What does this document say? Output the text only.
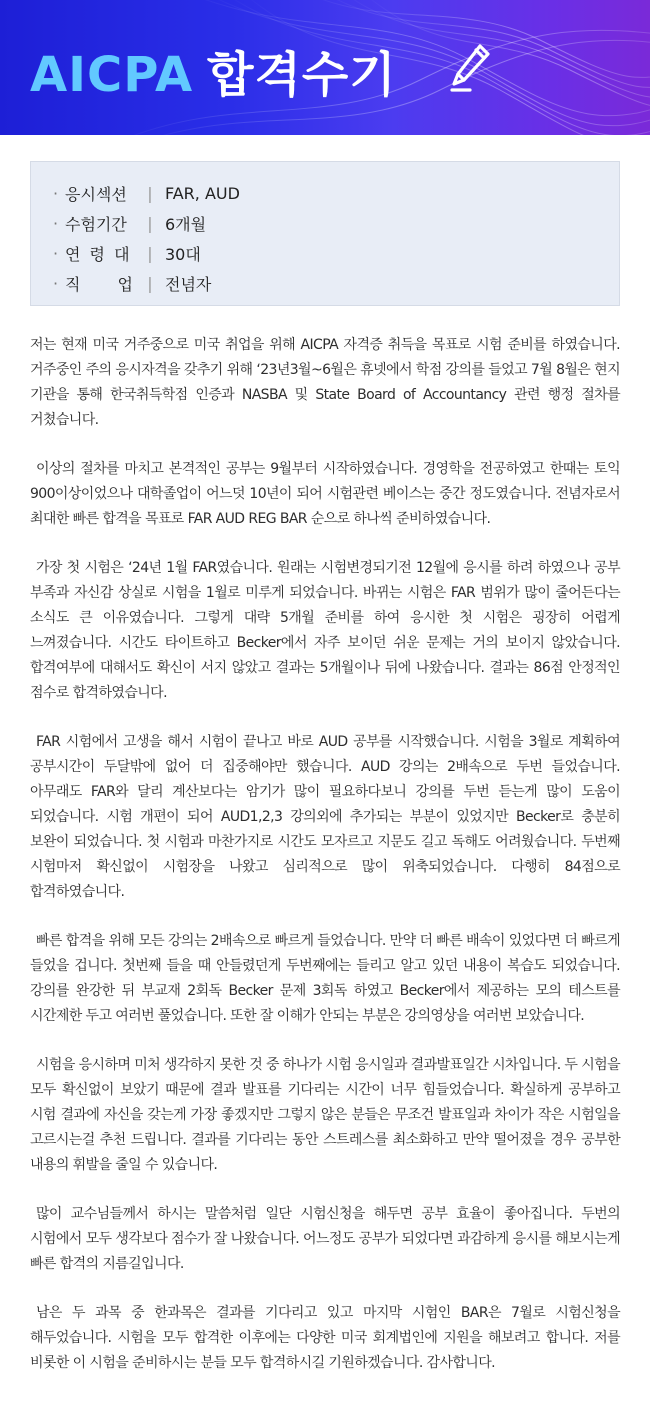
AICPA 합격수기
· 응시섹션	| FAR, AUD
· 수험기간	| 6개월
· 연 령 대	| 30대
· 직 업 | 전념자

저는 현재 미국 거주중으로 미국 취업을 위해 AICPA 자격증 취득을 목표로 시험 준비를 하였습니다. 거주중인 주의 응시자격을 갖추기 위해 ‘23년3월~6월은 휴넷에서 학점 강의를 들었고 7월 8월은 현지 기관을 통해 한국취득학점 인증과 NASBA 및 State Board of Accountancy 관련 행정 절차를 거쳤습니다.

이상의 절차를 마치고 본격적인 공부는 9월부터 시작하였습니다. 경영학을 전공하였고 한때는 토익 900이상이었으나 대학졸업이 어느덧 10년이 되어 시험관련 베이스는 중간 정도였습니다. 전념자로서 최대한 빠른 합격을 목표로 FAR AUD REG BAR 순으로 하나씩 준비하였습니다.

가장 첫 시험은 ‘24년 1월 FAR였습니다. 원래는 시험변경되기전 12월에 응시를 하려 하였으나 공부 부족과 자신감 상실로 시험을 1월로 미루게 되었습니다. 바뀌는 시험은 FAR 범위가 많이 줄어든다는 소식도 큰 이유였습니다. 그렇게 대략 5개월 준비를 하여 응시한 첫 시험은 굉장히 어렵게 느껴졌습니다. 시간도 타이트하고 Becker에서 자주 보이던 쉬운 문제는 거의 보이지 않았습니다. 합격여부에 대해서도 확신이 서지 않았고 결과는 5개월이나 뒤에 나왔습니다. 결과는 86점 안정적인 점수로 합격하였습니다.

FAR 시험에서 고생을 해서 시험이 끝나고 바로 AUD 공부를 시작했습니다. 시험을 3월로 계획하여 공부시간이 두달밖에 없어 더 집중해야만 했습니다. AUD 강의는 2배속으로 두번 들었습니다. 아무래도 FAR와 달리 계산보다는 암기가 많이 필요하다보니 강의를 두번 듣는게 많이 도움이 되었습니다. 시험 개편이 되어 AUD1,2,3 강의외에 추가되는 부분이 있었지만 Becker로 충분히 보완이 되었습니다. 첫 시험과 마찬가지로 시간도 모자르고 지문도 길고 독해도 어려웠습니다. 두번째 시험마저 확신없이 시험장을 나왔고 심리적으로 많이 위축되었습니다. 다행히 84점으로 합격하였습니다.

빠른 합격을 위해 모든 강의는 2배속으로 빠르게 들었습니다. 만약 더 빠른 배속이 있었다면 더 빠르게 들었을 겁니다. 첫번째 들을 때 안들렸던게 두번째에는 들리고 알고 있던 내용이 복습도 되었습니다. 강의를 완강한 뒤 부교재 2회독 Becker 문제 3회독 하였고 Becker에서 제공하는 모의 테스트를 시간제한 두고 여러번 풀었습니다. 또한 잘 이해가 안되는 부분은 강의영상을 여러번 보았습니다.

시험을 응시하며 미처 생각하지 못한 것 중 하나가 시험 응시일과 결과발표일간 시차입니다. 두 시험을 모두 확신없이 보았기 때문에 결과 발표를 기다리는 시간이 너무 힘들었습니다. 확실하게 공부하고 시험 결과에 자신을 갖는게 가장 좋겠지만 그렇지 않은 분들은 무조건 발표일과 차이가 작은 시험일을 고르시는걸 추천 드립니다. 결과를 기다리는 동안 스트레스를 최소화하고 만약 떨어졌을 경우 공부한 내용의 휘발을 줄일 수 있습니다.

많이 교수님들께서 하시는 말씀처럼 일단 시험신청을 해두면 공부 효율이 좋아집니다. 두번의 시험에서 모두 생각보다 점수가 잘 나왔습니다. 어느정도 공부가 되었다면 과감하게 응시를 해보시는게 빠른 합격의 지름길입니다.

남은 두 과목 중 한과목은 결과를 기다리고 있고 마지막 시험인 BAR은 7월로 시험신청을 해두었습니다. 시험을 모두 합격한 이후에는 다양한 미국 회계법인에 지원을 해보려고 합니다. 저를 비롯한 이 시험을 준비하시는 분들 모두 합격하시길 기원하겠습니다. 감사합니다.
